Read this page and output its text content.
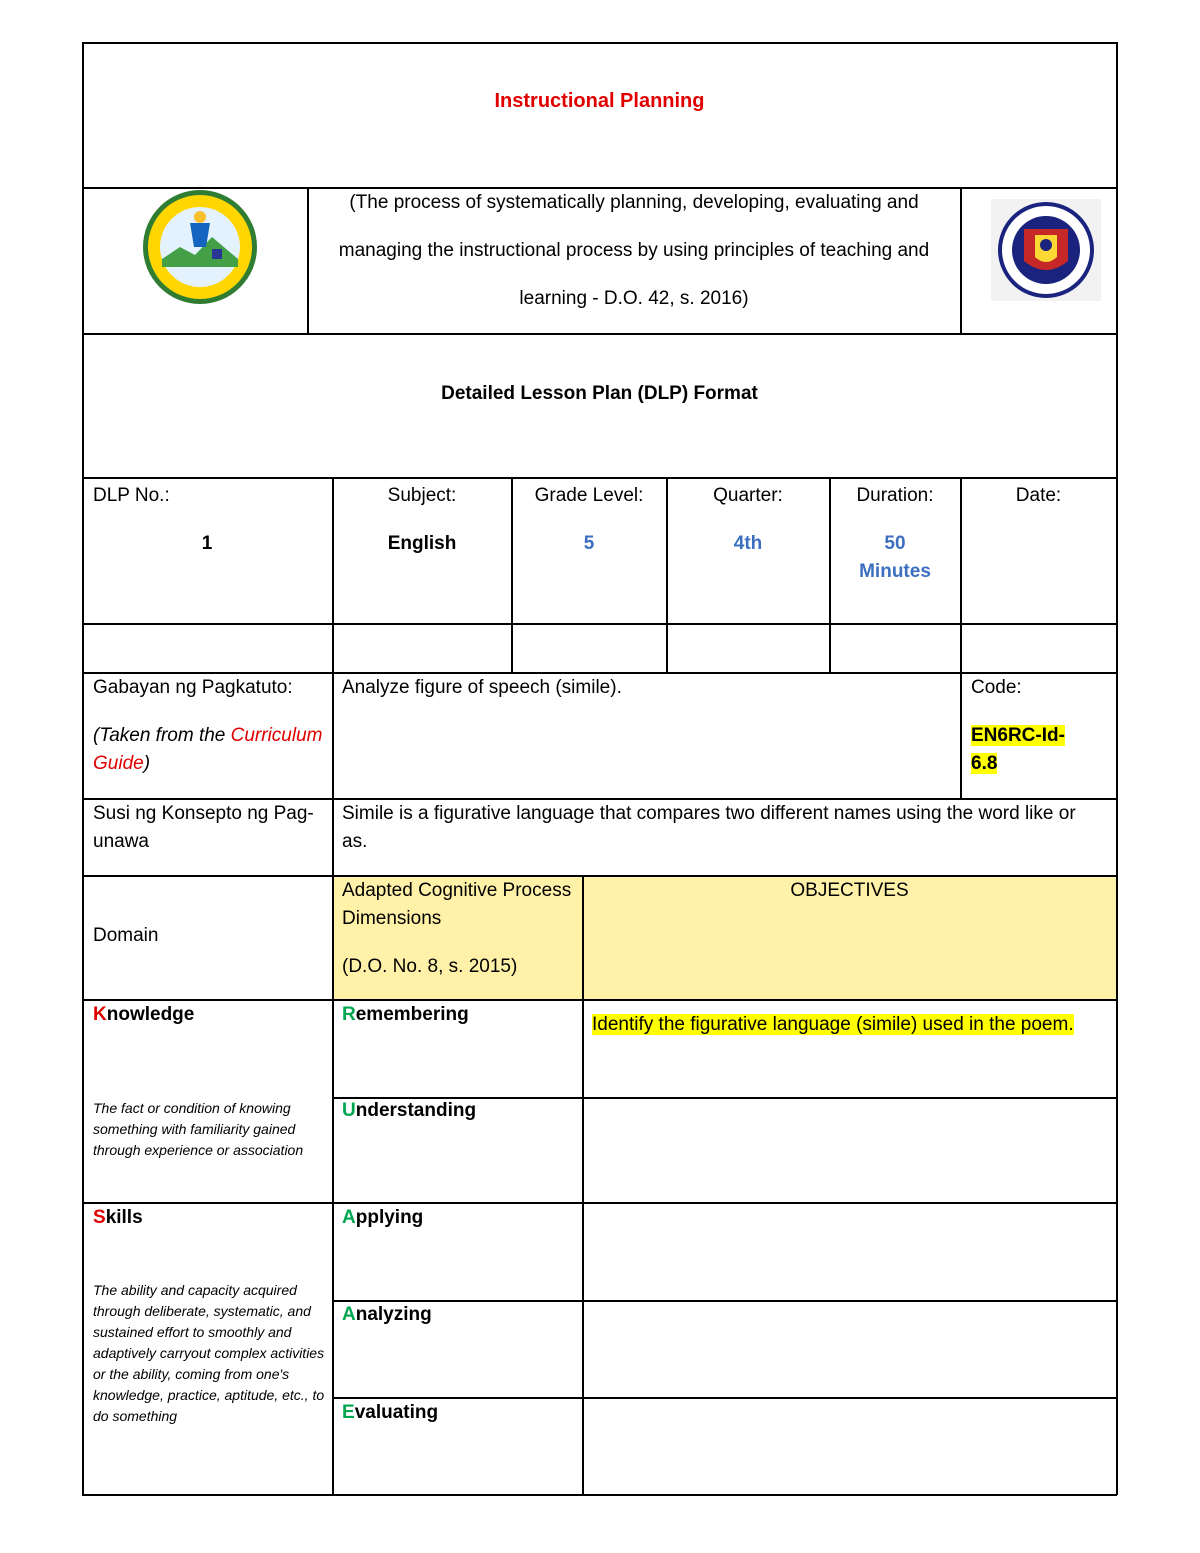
Instructional Planning
(The process of systematically planning, developing, evaluating and managing the instructional process by using principles of teaching and learning - D.O. 42, s. 2016)
Detailed Lesson Plan (DLP) Format
DLP No.:
1
Subject:
English
Grade Level:
5
Quarter:
4th
Duration:
50 Minutes
Date:
Gabayan ng Pagkatuto:
(Taken from the Curriculum Guide)
Analyze figure of speech (simile).	Code:
EN6RC-Id-6.8
Susi ng Konsepto ng Pag-unawa
Simile is a figurative language that compares two different names using the word like or as.
Domain
Adapted Cognitive Process Dimensions
(D.O. No. 8, s. 2015)
OBJECTIVES
Knowledge
The fact or condition of knowing something with familiarity gained through experience or association
Skills
The ability and capacity acquired through deliberate, systematic, and sustained effort to smoothly and adaptively carryout complex activities or the ability, coming from one's knowledge, practice, aptitude, etc., to do something
Remembering	Identify the figurative language (simile) used in the poem.
Understanding
Applying
Analyzing
Evaluating
